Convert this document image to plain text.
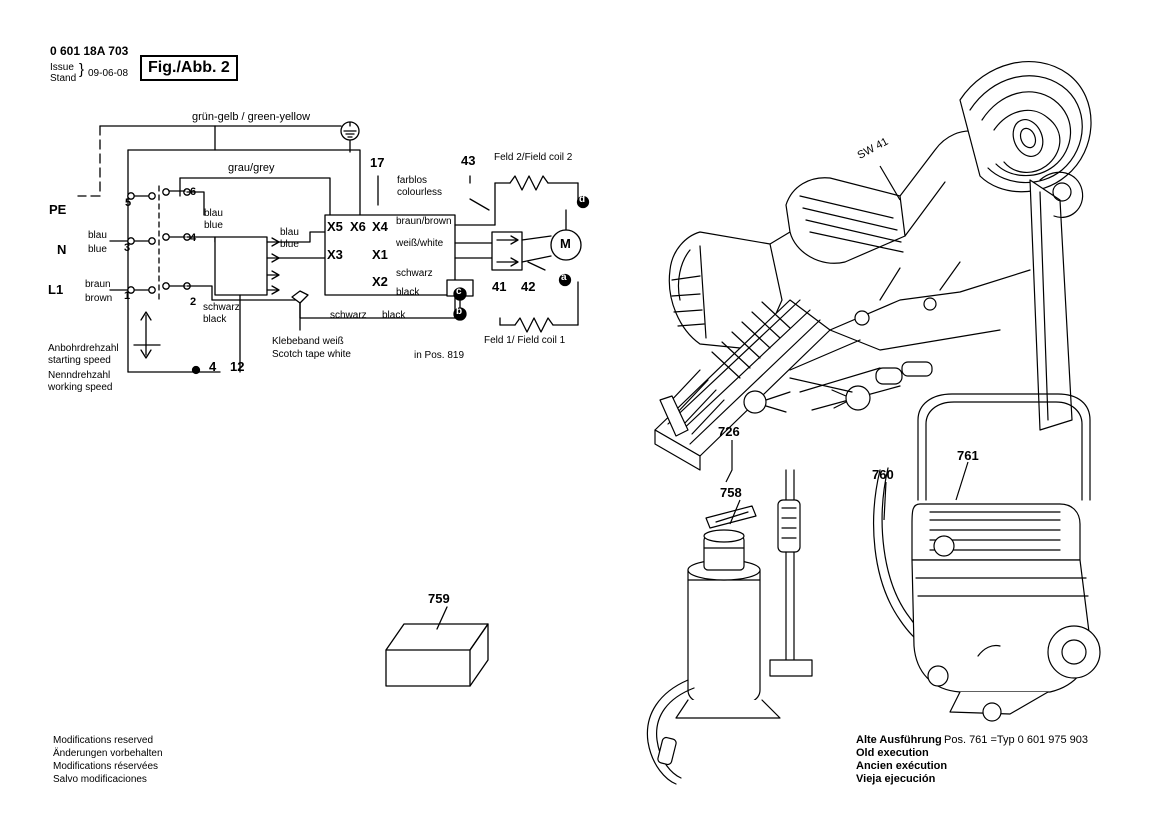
0 601 18A 703
Issue
Stand
} 09-06-08	Fig./Abb. 2
grün-gelb / green-yellow
grau/grey
PE
N
L1
blau
blue
braun
brown
5
6
3
4
1	2
blau
blue
blau
blue
schwarz
black
Klebeband weiß
Scotch tape white
schwarz black
in Pos. 819
Anbohrdrehzahl
starting speed
Nenndrehzahl
working speed
4 12
17	43
41 42
X5 X6 X4
X3 X1
X2
farblos
colourless
braun/brown
weiß/white
schwarz
black
Feld 2/Field coil 2
Feld 1/ Field coil 1
M
d
a
b
c
759
SW 41
726
758
760
761
Alte Ausführung
Old execution
Ancien exécution
Vieja ejecución
Pos. 761 =Typ 0 601 975 903
Modifications reserved
Änderungen vorbehalten
Modifications réservées
Salvo modificaciones
